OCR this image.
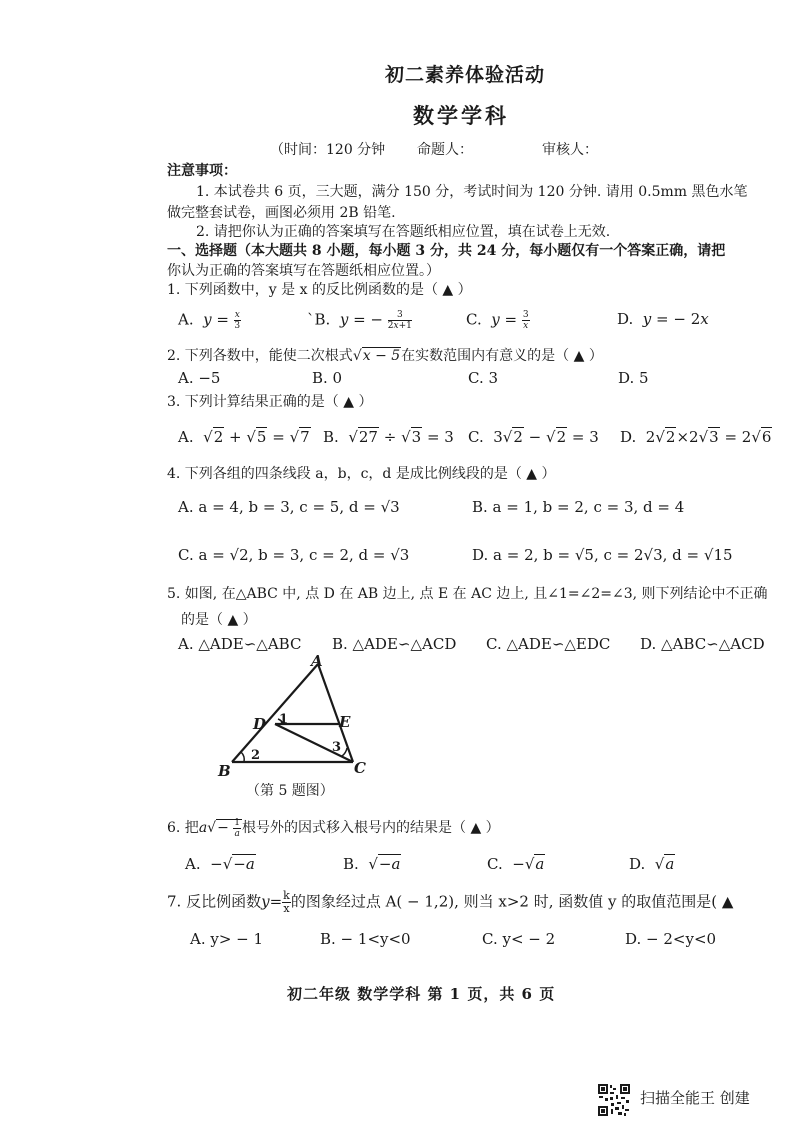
初二素养体验活动
数学学科
（时间：120 分钟 命题人：	审核人：
注意事项：
1. 本试卷共 6 页，三大题，满分 150 分，考试时间为 120 分钟. 请用 0.5mm 黑色水笔
做完整套试卷，画图必须用 2B 铅笔.
2. 请把你认为正确的答案填写在答题纸相应位置，填在试卷上无效.
一、选择题（本大题共 8 小题，每小题 3 分，共 24 分，每小题仅有一个答案正确，请把
你认为正确的答案填写在答题纸相应位置。）
1. 下列函数中，y 是 x 的反比例函数的是（ ▲ ）
A.  $y = \frac{x}{3}$	`B.  y = − $\frac{3}{2x+1}$	C.  $y = \frac{3}{x}$	D.  y = − 2x
2. 下列各数中，能使二次根式√x − 5在实数范围内有意义的是（ ▲ ）
A. −5	B. 0	C. 3	D. 5
3. 下列计算结果正确的是（ ▲ ）
A.  √2 + √5 = √7 B.  √27 ÷ √3 = 3 C.  3√2 − √2 = 3 D.  2√2×2√3 = 2√6
4. 下列各组的四条线段 a，b，c，d 是成比例线段的是（ ▲ ）
A. a = 4, b = 3, c = 5, d = √3	B. a = 1, b = 2, c = 3, d = 4
C. a = √2, b = 3, c = 2, d = √3	D. a = 2, b = √5, c = 2√3, d = √15
5. 如图, 在△ABC 中, 点 D 在 AB 边上, 点 E 在 AC 边上, 且∠1=∠2=∠3, 则下列结论中不正确
的是（ ▲ ）
A. △ADE∽△ABC B. △ADE∽△ACD C. △ADE∽△EDC D. △ABC∽△ACD
A
B	C
D	E
1
2
3
（第 5 题图）
6. 把$a√- \frac{1}{a}$ 根号外的因式移入根号内的结果是（ ▲ ）
A.  −√−a	B.  √−a	C.  −√a	D.  √a
7. 反比例函数$y= \frac{k}{x}$ 的图象经过点 A( − 1,2), 则当 x>2 时, 函数值 y 的取值范围是( ▲
A. y> − 1	B. − 1<y<0	C. y< − 2	D. − 2<y<0
初二年级 数学学科 第 1 页，共 6 页
扫描全能王 创建
